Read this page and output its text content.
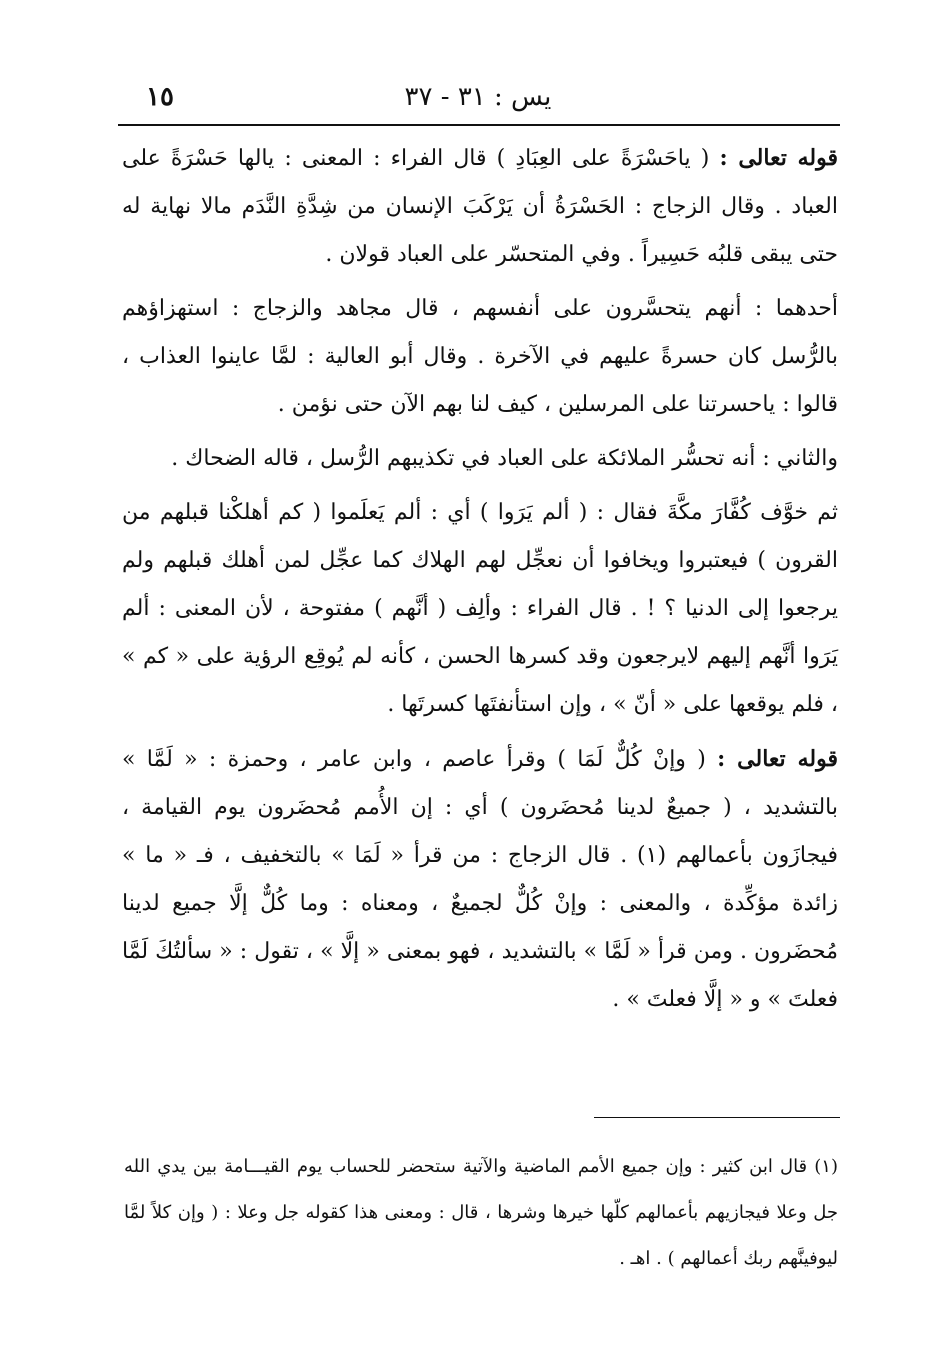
١٥	يس : ٣١ - ٣٧

قوله تعالى : ( ياحَسْرَةً على العِبَادِ ) قال الفراء : المعنى : يالها حَسْرَةً على العباد . وقال الزجاج : الحَسْرَةُ أن يَرْكَبَ الإنسان من شِدَّةِ النَّدَم مالا نهاية له حتى يبقى قلبُه حَسِيراً . وفي المتحسّر على العباد قولان .

أحدهما : أنهم يتحسَّرون على أنفسهم ، قال مجاهد والزجاج : استهزاؤهم بالرُّسل كان حسرةً عليهم في الآخرة . وقال أبو العالية : لمَّا عاينوا العذاب ، قالوا : ياحسرتنا على المرسلين ، كيف لنا بهم الآن حتى نؤمن .

والثاني : أنه تحسُّر الملائكة على العباد في تكذيبهم الرُّسل ، قاله الضحاك .

ثم خوَّف كُفَّارَ مكَّةَ فقال : ( ألم يَرَوا ) أي : ألم يَعلَموا ( كم أهلكْنا قبلهم من القرون ) فيعتبروا ويخافوا أن نعجِّل لهم الهلاك كما عجِّل لمن أهلك قبلهم ولم يرجعوا إلى الدنيا ؟ ! . قال الفراء : وألِف ( أنَّهم ) مفتوحة ، لأن المعنى : ألم يَرَوا أنَّهم إليهم لايرجعون وقد كسرها الحسن ، كأنه لم يُوقِع الرؤية على « كم » ، فلم يوقعها على « أنّ » ، وإن استأنفتَها كسرتَها .

قوله تعالى : ( وإنْ كُلٌّ لَمَا ) وقرأ عاصم ، وابن عامر ، وحمزة : « لَمَّا » بالتشديد ، ( جميعٌ لدينا مُحضَرون ) أي : إن الأُمم مُحضَرون يوم القيامة ، فيجازَون بأعمالهم (١) . قال الزجاج : من قرأ « لَمَا » بالتخفيف ، فـ « ما » زائدة مؤكِّدة ، والمعنى : وإنْ كُلٌّ لجميعٌ ، ومعناه : وما كُلٌّ إلَّا جميع لدينا مُحضَرون . ومن قرأ « لَمَّا » بالتشديد ، فهو بمعنى « إلَّا » ، تقول : « سألتُكَ لَمَّا فعلتَ » و « إلَّا فعلتَ » .

(١) قال ابن كثير : وإن جميع الأمم الماضية والآتية ستحضر للحساب يوم القيـــامة بين يدي الله جل وعلا فيجازيهم بأعمالهم كلّها خيرها وشرها ، قال : ومعنى هذا كقوله جل وعلا : ( وإن كلاً لمَّا ليوفينَّهم ربك أعمالهم ) . اهـ .
